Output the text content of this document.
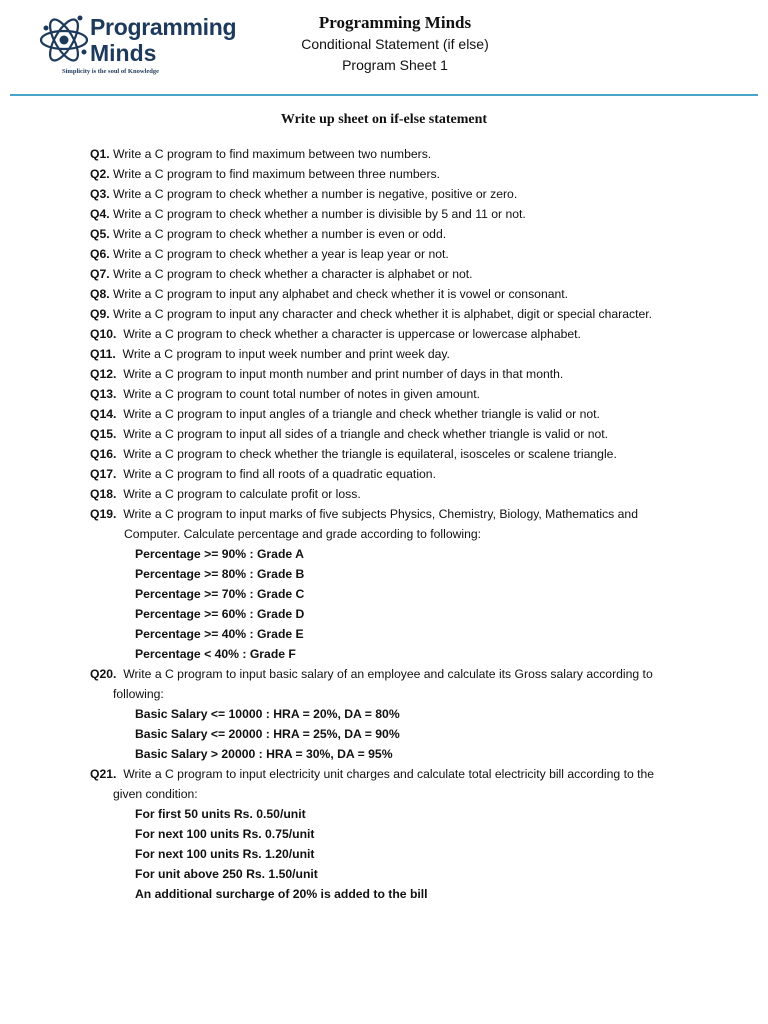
Programming
Minds
Simplicity is the soul of Knowledge
Programming Minds
Conditional Statement (if else)
Program Sheet 1
Write up sheet on if-else statement
Q1. Write a C program to find maximum between two numbers.
Q2. Write a C program to find maximum between three numbers.
Q3. Write a C program to check whether a number is negative, positive or zero.
Q4. Write a C program to check whether a number is divisible by 5 and 11 or not.
Q5. Write a C program to check whether a number is even or odd.
Q6. Write a C program to check whether a year is leap year or not.
Q7. Write a C program to check whether a character is alphabet or not.
Q8. Write a C program to input any alphabet and check whether it is vowel or consonant.
Q9. Write a C program to input any character and check whether it is alphabet, digit or special character.
Q10. Write a C program to check whether a character is uppercase or lowercase alphabet.
Q11. Write a C program to input week number and print week day.
Q12. Write a C program to input month number and print number of days in that month.
Q13. Write a C program to count total number of notes in given amount.
Q14. Write a C program to input angles of a triangle and check whether triangle is valid or not.
Q15. Write a C program to input all sides of a triangle and check whether triangle is valid or not.
Q16. Write a C program to check whether the triangle is equilateral, isosceles or scalene triangle.
Q17. Write a C program to find all roots of a quadratic equation.
Q18. Write a C program to calculate profit or loss.
Q19. Write a C program to input marks of five subjects Physics, Chemistry, Biology, Mathematics and
Computer. Calculate percentage and grade according to following:
Percentage >= 90% : Grade A
Percentage >= 80% : Grade B
Percentage >= 70% : Grade C
Percentage >= 60% : Grade D
Percentage >= 40% : Grade E
Percentage < 40% : Grade F
Q20. Write a C program to input basic salary of an employee and calculate its Gross salary according to
following:
Basic Salary <= 10000 : HRA = 20%, DA = 80%
Basic Salary <= 20000 : HRA = 25%, DA = 90%
Basic Salary > 20000 : HRA = 30%, DA = 95%
Q21. Write a C program to input electricity unit charges and calculate total electricity bill according to the
given condition:
For first 50 units Rs. 0.50/unit
For next 100 units Rs. 0.75/unit
For next 100 units Rs. 1.20/unit
For unit above 250 Rs. 1.50/unit
An additional surcharge of 20% is added to the bill
